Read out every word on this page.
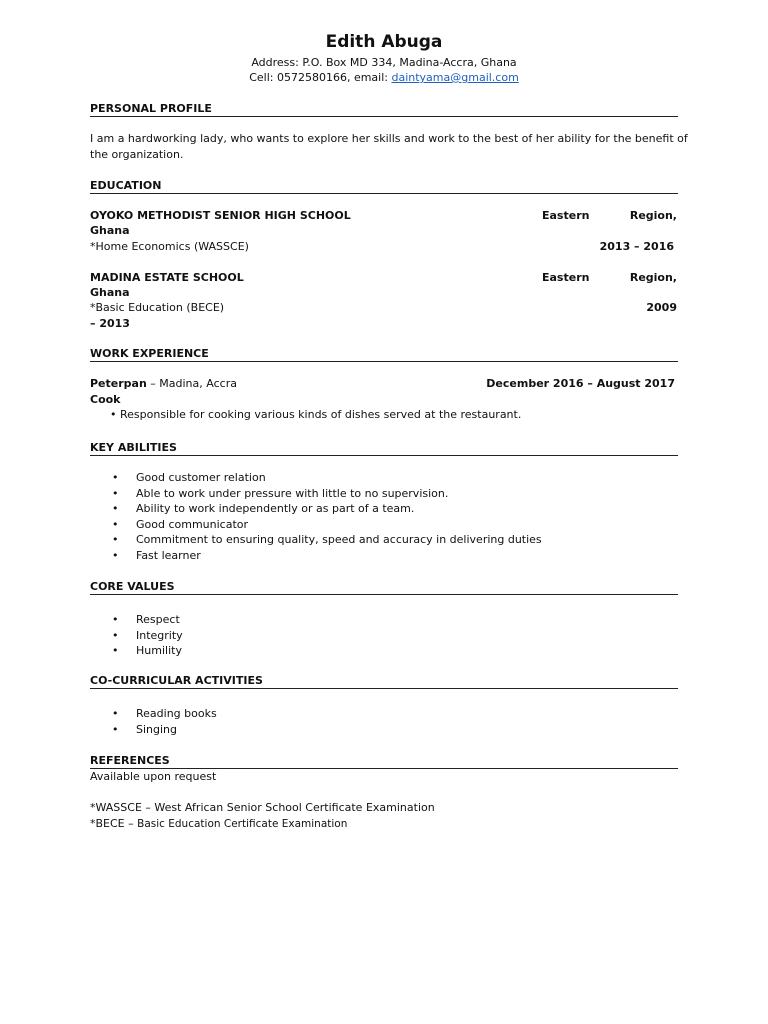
Edith Abuga
Address: P.O. Box MD 334, Madina-Accra, Ghana
Cell: 0572580166, email: daintyama@gmail.com
PERSONAL PROFILE
I am a hardworking lady, who wants to explore her skills and work to the best of her ability for the benefit of
the organization.
EDUCATION
OYOKO METHODIST SENIOR HIGH SCHOOL	Eastern	Region,
Ghana
*Home Economics (WASSCE)	2013 – 2016
MADINA ESTATE SCHOOL	Eastern	Region,
Ghana
*Basic Education (BECE)	2009
– 2013
WORK EXPERIENCE
Peterpan – Madina, Accra	December 2016 – August 2017
Cook
• Responsible for cooking various kinds of dishes served at the restaurant.
KEY ABILITIES
• Good customer relation
• Able to work under pressure with little to no supervision.
• Ability to work independently or as part of a team.
• Good communicator
• Commitment to ensuring quality, speed and accuracy in delivering duties
• Fast learner
CORE VALUES
• Respect
• Integrity
• Humility
CO-CURRICULAR ACTIVITIES
• Reading books
• Singing
REFERENCES
Available upon request
*WASSCE – West African Senior School Certificate Examination
*BECE – Basic Education Certificate Examination
